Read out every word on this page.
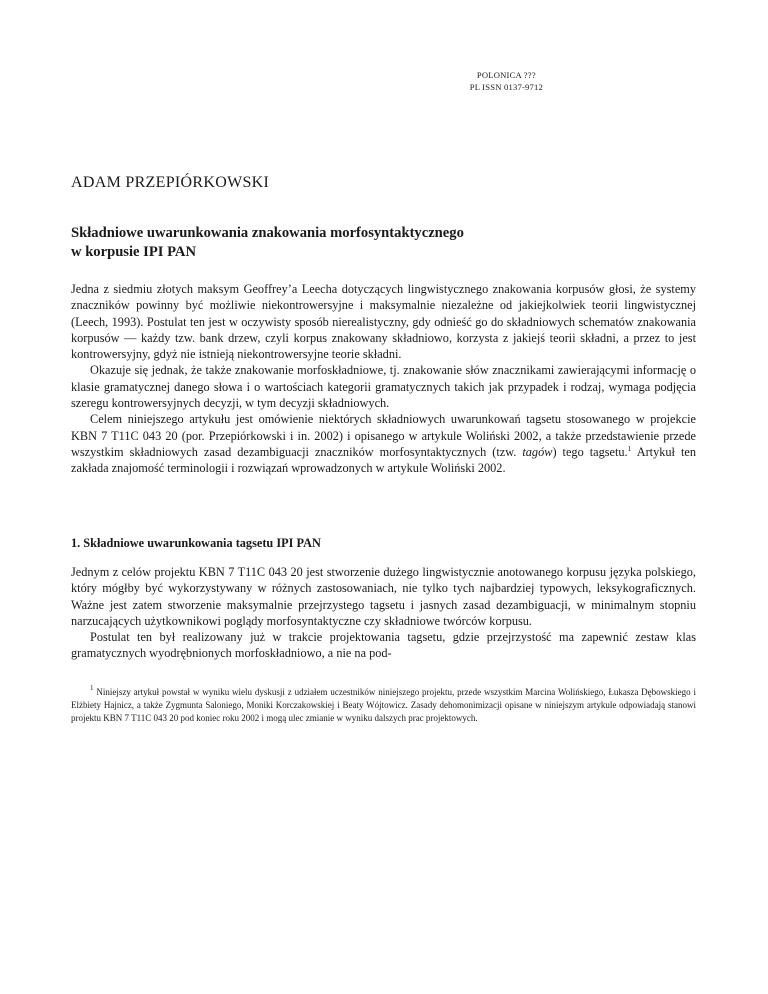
POLONICA ???
PL ISSN 0137-9712
ADAM PRZEPIÓRKOWSKI
Składniowe uwarunkowania znakowania morfosyntaktycznego
w korpusie IPI PAN

Jedna z siedmiu złotych maksym Geoffrey’a Leecha dotyczących lingwistycznego znakowania korpusów głosi, że systemy znaczników powinny być możliwie niekontrowersyjne i maksymalnie niezależne od jakiejkolwiek teorii lingwistycznej (Leech, 1993). Postulat ten jest w oczywisty sposób nierealistyczny, gdy odnieść go do składniowych schematów znakowania korpusów — każdy tzw. bank drzew, czyli korpus znakowany składniowo, korzysta z jakiejś teorii składni, a przez to jest kontrowersyjny, gdyż nie istnieją niekontrowersyjne teorie składni.

Okazuje się jednak, że także znakowanie morfoskładniowe, tj. znakowanie słów znacznikami zawierającymi informację o klasie gramatycznej danego słowa i o wartościach kategorii gramatycznych takich jak przypadek i rodzaj, wymaga podjęcia szeregu kontrowersyjnych decyzji, w tym decyzji składniowych.

Celem niniejszego artykułu jest omówienie niektórych składniowych uwarunkowań tagsetu stosowanego w projekcie KBN 7 T11C 043 20 (por. Przepiórkowski i in. 2002) i opisanego w artykule Woliński 2002, a także przedstawienie przede wszystkim składniowych zasad dezambiguacji znaczników morfosyntaktycznych (tzw. tagów) tego tagsetu.$^1$ Artykuł ten zakłada znajomość terminologii i rozwiązań wprowadzonych w artykule Woliński 2002.

1. Składniowe uwarunkowania tagsetu IPI PAN

Jednym z celów projektu KBN 7 T11C 043 20 jest stworzenie dużego lingwistycznie anotowanego korpusu języka polskiego, który mógłby być wykorzystywany w różnych zastosowaniach, nie tylko tych najbardziej typowych, leksykograficznych. Ważne jest zatem stworzenie maksymalnie przejrzystego tagsetu i jasnych zasad dezambiguacji, w minimalnym stopniu narzucających użytkownikowi poglądy morfosyntaktyczne czy składniowe twórców korpusu.

Postulat ten był realizowany już w trakcie projektowania tagsetu, gdzie przejrzystość ma zapewnić zestaw klas gramatycznych wyodrębnionych morfoskładniowo, a nie na pod-

$^1$ Niniejszy artykuł powstał w wyniku wielu dyskusji z udziałem uczestników niniejszego projektu, przede wszystkim Marcina Wolińskiego, Łukasza Dębowskiego i Elżbiety Hajnicz, a także Zygmunta Saloniego, Moniki Korczakowskiej i Beaty Wójtowicz. Zasady dehomonimizacji opisane w niniejszym artykule odpowiadają stanowi projektu KBN 7 T11C 043 20 pod koniec roku 2002 i mogą ulec zmianie w wyniku dalszych prac projektowych.
